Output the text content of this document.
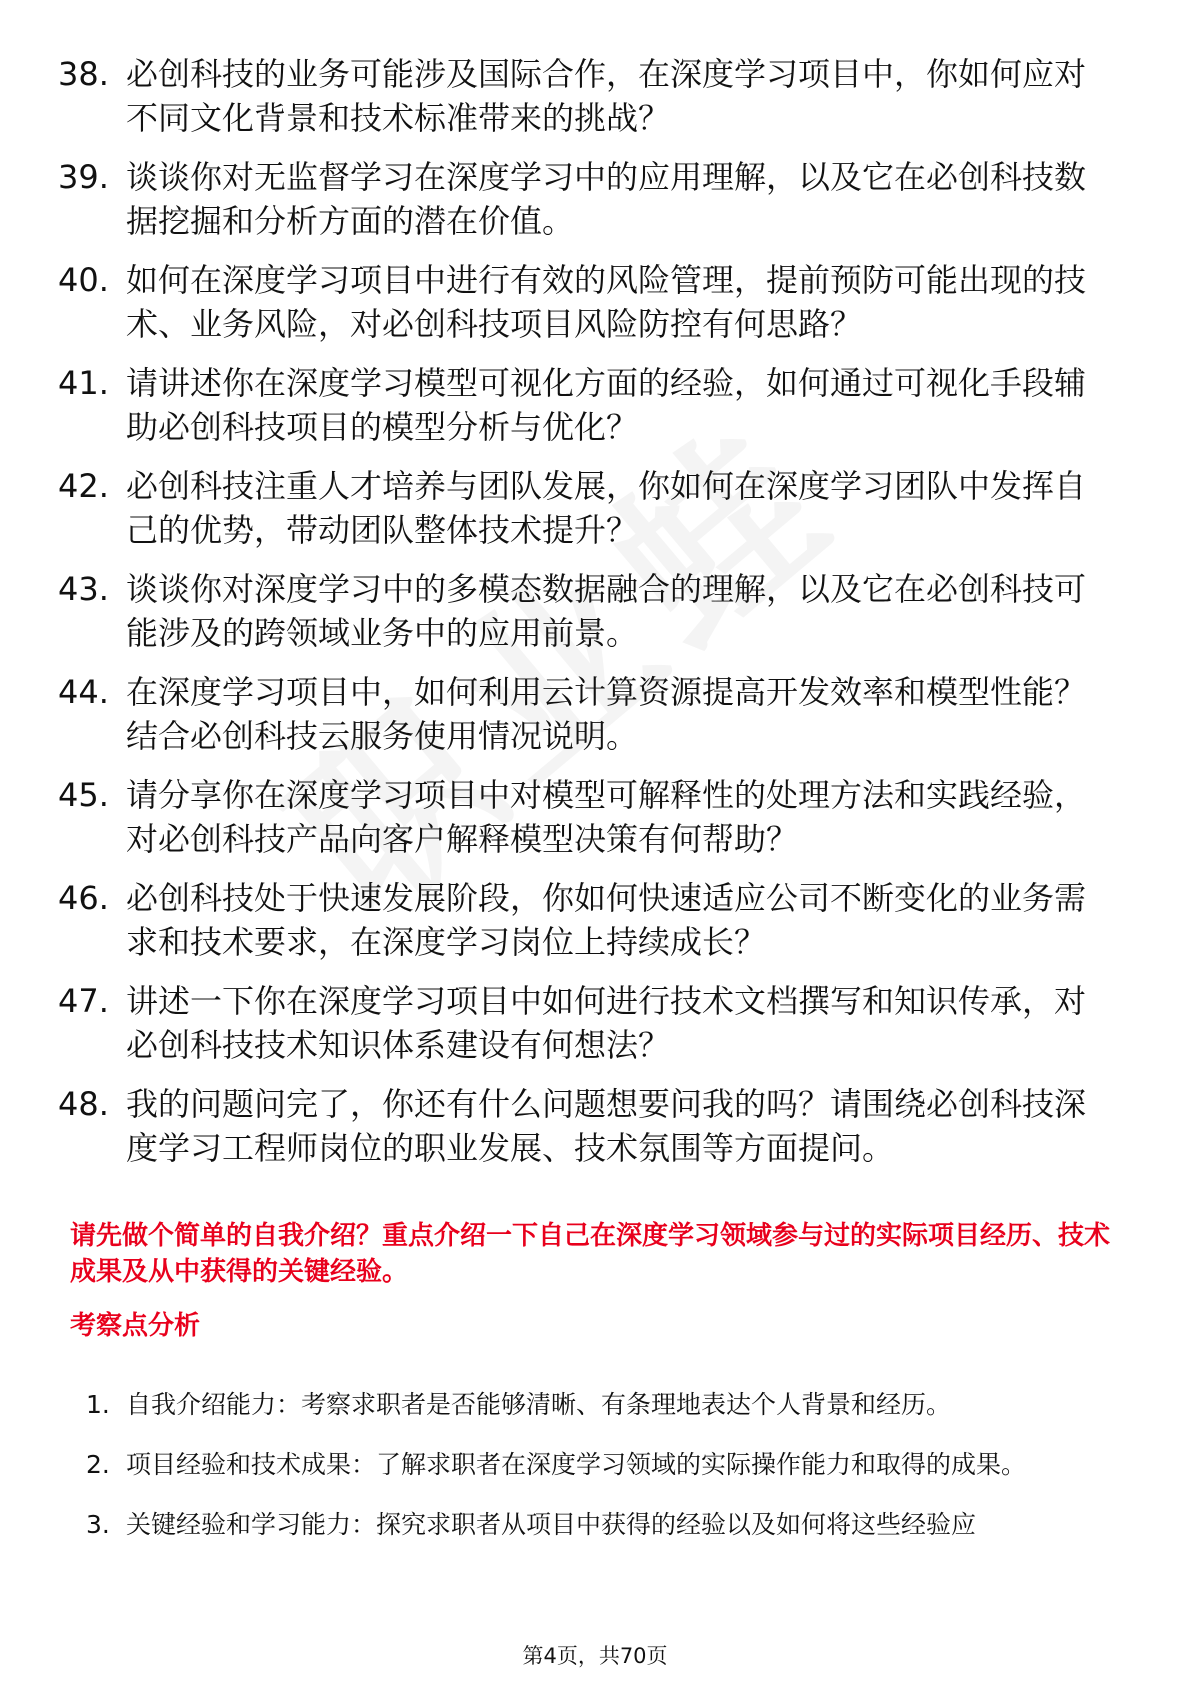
38. 必创科技的业务可能涉及国际合作，在深度学习项目中，你如何应对不同文化背景和技术标准带来的挑战？
39. 谈谈你对无监督学习在深度学习中的应用理解，以及它在必创科技数据挖掘和分析方面的潜在价值。
40. 如何在深度学习项目中进行有效的风险管理，提前预防可能出现的技术、业务风险，对必创科技项目风险防控有何思路？
41. 请讲述你在深度学习模型可视化方面的经验，如何通过可视化手段辅助必创科技项目的模型分析与优化？
42. 必创科技注重人才培养与团队发展，你如何在深度学习团队中发挥自己的优势，带动团队整体技术提升？
43. 谈谈你对深度学习中的多模态数据融合的理解，以及它在必创科技可能涉及的跨领域业务中的应用前景。
44. 在深度学习项目中，如何利用云计算资源提高开发效率和模型性能？结合必创科技云服务使用情况说明。
45. 请分享你在深度学习项目中对模型可解释性的处理方法和实践经验，对必创科技产品向客户解释模型决策有何帮助？
46. 必创科技处于快速发展阶段，你如何快速适应公司不断变化的业务需求和技术要求，在深度学习岗位上持续成长？
47. 讲述一下你在深度学习项目中如何进行技术文档撰写和知识传承，对必创科技技术知识体系建设有何想法？
48. 我的问题问完了，你还有什么问题想要问我的吗？请围绕必创科技深度学习工程师岗位的职业发展、技术氛围等方面提问。
请先做个简单的自我介绍？重点介绍一下自己在深度学习领域参与过的实际项目经历、技术成果及从中获得的关键经验。
考察点分析
1. 自我介绍能力：考察求职者是否能够清晰、有条理地表达个人背景和经历。
2. 项目经验和技术成果：了解求职者在深度学习领域的实际操作能力和取得的成果。
3. 关键经验和学习能力：探究求职者从项目中获得的经验以及如何将这些经验应
第4页，共70页
